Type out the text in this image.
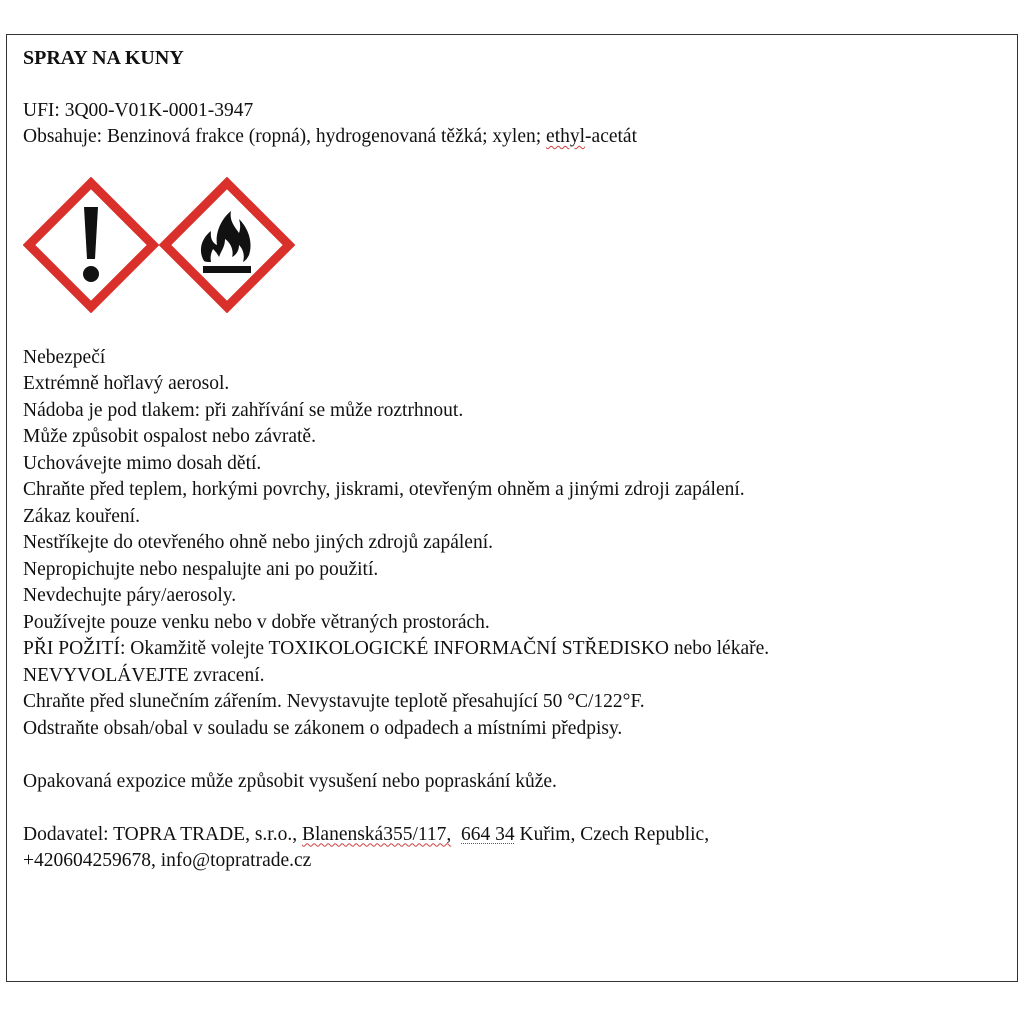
SPRAY NA KUNY
UFI: 3Q00-V01K-0001-3947
Obsahuje: Benzinová frakce (ropná), hydrogenovaná těžká; xylen; ethyl-acetát
Nebezpečí
Extrémně hořlavý aerosol.
Nádoba je pod tlakem: při zahřívání se může roztrhnout.
Může způsobit ospalost nebo závratě.
Uchovávejte mimo dosah dětí.
Chraňte před teplem, horkými povrchy, jiskrami, otevřeným ohněm a jinými zdroji zapálení.
Zákaz kouření.
Nestříkejte do otevřeného ohně nebo jiných zdrojů zapálení.
Nepropichujte nebo nespalujte ani po použití.
Nevdechujte páry/aerosoly.
Používejte pouze venku nebo v dobře větraných prostorách.
PŘI POŽITÍ: Okamžitě volejte TOXIKOLOGICKÉ INFORMAČNÍ STŘEDISKO nebo lékaře.
NEVYVOLÁVEJTE zvracení.
Chraňte před slunečním zářením. Nevystavujte teplotě přesahující 50 °C/122°F.
Odstraňte obsah/obal v souladu se zákonem o odpadech a místními předpisy.
Opakovaná expozice může způsobit vysušení nebo popraskání kůže.
Dodavatel: TOPRA TRADE, s.r.o., Blanenská355/117, 664 34 Kuřim, Czech Republic,
+420604259678, info@topratrade.cz
